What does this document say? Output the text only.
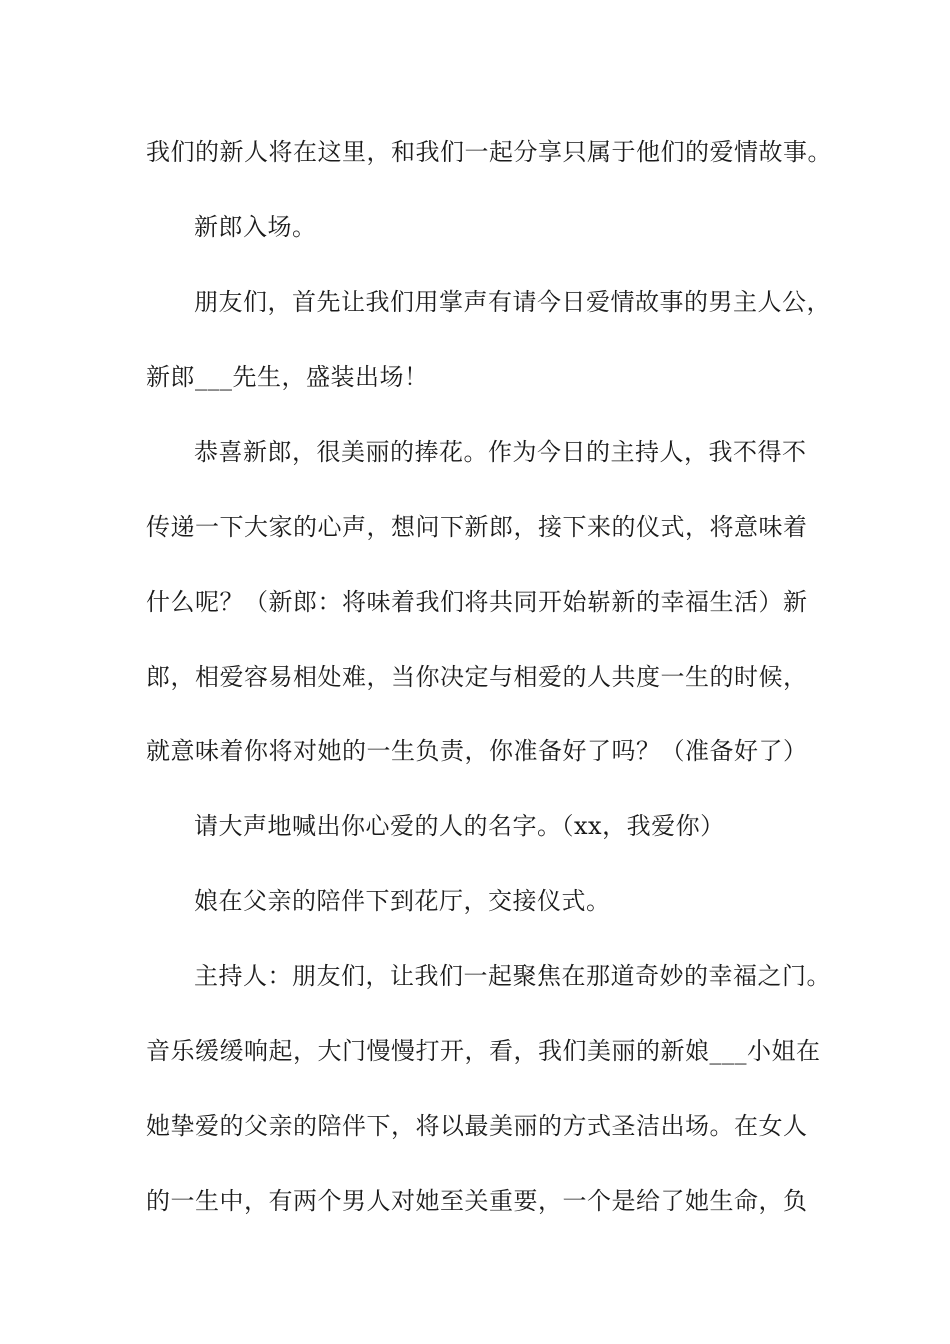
我们的新人将在这里，和我们一起分享只属于他们的爱情故事。
新郎入场。
朋友们，首先让我们用掌声有请今日爱情故事的男主人公，
新郎___先生，盛装出场！
恭喜新郎，很美丽的捧花。作为今日的主持人，我不得不
传递一下大家的心声，想问下新郎，接下来的仪式，将意味着
什么呢？（新郎：将味着我们将共同开始崭新的幸福生活）新
郎，相爱容易相处难，当你决定与相爱的人共度一生的时候，
就意味着你将对她的一生负责，你准备好了吗？（准备好了）
请大声地喊出你心爱的人的名字。（xx，我爱你）
娘在父亲的陪伴下到花厅，交接仪式。
主持人：朋友们，让我们一起聚焦在那道奇妙的幸福之门。
音乐缓缓响起，大门慢慢打开，看，我们美丽的新娘___小姐在
她挚爱的父亲的陪伴下，将以最美丽的方式圣洁出场。在女人
的一生中，有两个男人对她至关重要，一个是给了她生命，负
